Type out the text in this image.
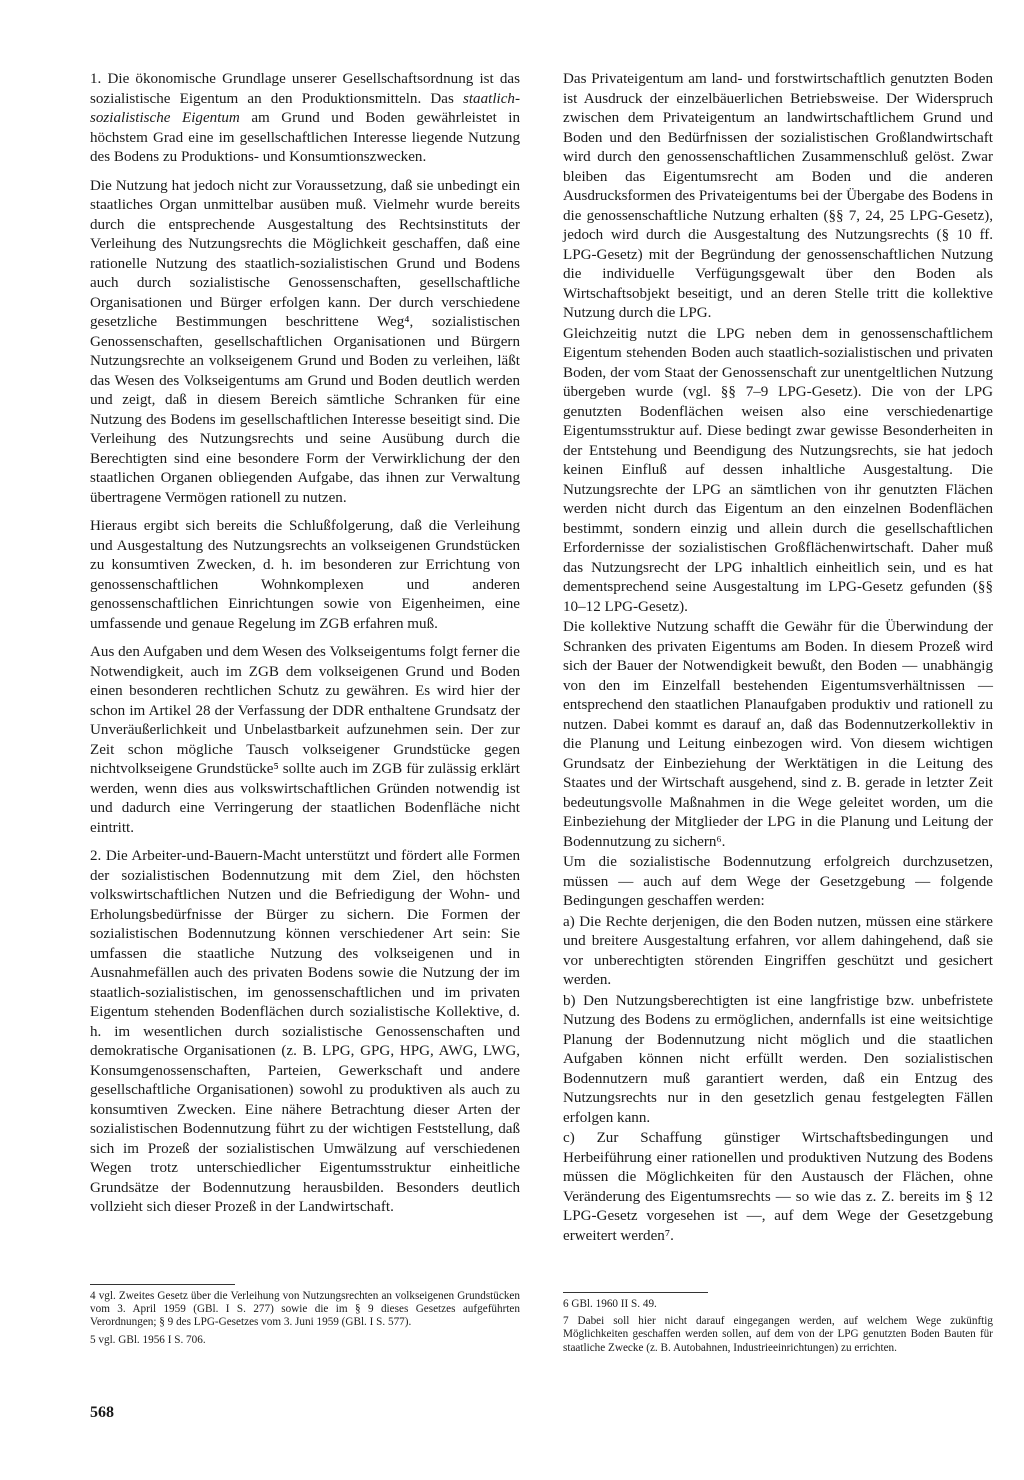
1. Die ökonomische Grundlage unserer Gesellschaftsordnung ist das sozialistische Eigentum an den Produktionsmitteln. Das staatlich-sozialistische Eigentum am Grund und Boden gewährleistet in höchstem Grad eine im gesellschaftlichen Interesse liegende Nutzung des Bodens zu Produktions- und Konsumtionszwecken.

Die Nutzung hat jedoch nicht zur Voraussetzung, daß sie unbedingt ein staatliches Organ unmittelbar ausüben muß. Vielmehr wurde bereits durch die entsprechende Ausgestaltung des Rechtsinstituts der Verleihung des Nutzungsrechts die Möglichkeit geschaffen, daß eine rationelle Nutzung des staatlich-sozialistischen Grund und Bodens auch durch sozialistische Genossenschaften, gesellschaftliche Organisationen und Bürger erfolgen kann. Der durch verschiedene gesetzliche Bestimmungen beschrittene Weg⁴, sozialistischen Genossenschaften, gesellschaftlichen Organisationen und Bürgern Nutzungsrechte an volkseigenem Grund und Boden zu verleihen, läßt das Wesen des Volkseigentums am Grund und Boden deutlich werden und zeigt, daß in diesem Bereich sämtliche Schranken für eine Nutzung des Bodens im gesellschaftlichen Interesse beseitigt sind. Die Verleihung des Nutzungsrechts und seine Ausübung durch die Berechtigten sind eine besondere Form der Verwirklichung der den staatlichen Organen obliegenden Aufgabe, das ihnen zur Verwaltung übertragene Vermögen rationell zu nutzen.

Hieraus ergibt sich bereits die Schlußfolgerung, daß die Verleihung und Ausgestaltung des Nutzungsrechts an volkseigenen Grundstücken zu konsumtiven Zwecken, d. h. im besonderen zur Errichtung von genossenschaftlichen Wohnkomplexen und anderen genossenschaftlichen Einrichtungen sowie von Eigenheimen, eine umfassende und genaue Regelung im ZGB erfahren muß.

Aus den Aufgaben und dem Wesen des Volkseigentums folgt ferner die Notwendigkeit, auch im ZGB dem volkseigenen Grund und Boden einen besonderen rechtlichen Schutz zu gewähren. Es wird hier der schon im Artikel 28 der Verfassung der DDR enthaltene Grundsatz der Unveräußerlichkeit und Unbelastbarkeit aufzunehmen sein. Der zur Zeit schon mögliche Tausch volkseigener Grundstücke gegen nichtvolkseigene Grundstücke⁵ sollte auch im ZGB für zulässig erklärt werden, wenn dies aus volkswirtschaftlichen Gründen notwendig ist und dadurch eine Verringerung der staatlichen Bodenfläche nicht eintritt.

2. Die Arbeiter-und-Bauern-Macht unterstützt und fördert alle Formen der sozialistischen Bodennutzung mit dem Ziel, den höchsten volkswirtschaftlichen Nutzen und die Befriedigung der Wohn- und Erholungsbedürfnisse der Bürger zu sichern. Die Formen der sozialistischen Bodennutzung können verschiedener Art sein: Sie umfassen die staatliche Nutzung des volkseigenen und in Ausnahmefällen auch des privaten Bodens sowie die Nutzung der im staatlich-sozialistischen, im genossenschaftlichen und im privaten Eigentum stehenden Bodenflächen durch sozialistische Kollektive, d. h. im wesentlichen durch sozialistische Genossenschaften und demokratische Organisationen (z. B. LPG, GPG, HPG, AWG, LWG, Konsumgenossenschaften, Parteien, Gewerkschaft und andere gesellschaftliche Organisationen) sowohl zu produktiven als auch zu konsumtiven Zwecken. Eine nähere Betrachtung dieser Arten der sozialistischen Bodennutzung führt zu der wichtigen Feststellung, daß sich im Prozeß der sozialistischen Umwälzung auf verschiedenen Wegen trotz unterschiedlicher Eigentumsstruktur einheitliche Grundsätze der Bodennutzung herausbilden. Besonders deutlich vollzieht sich dieser Prozeß in der Landwirtschaft.

Das Privateigentum am land- und forstwirtschaftlich genutzten Boden ist Ausdruck der einzelbäuerlichen Betriebsweise. Der Widerspruch zwischen dem Privateigentum an landwirtschaftlichem Grund und Boden und den Bedürfnissen der sozialistischen Großlandwirtschaft wird durch den genossenschaftlichen Zusammenschluß gelöst. Zwar bleiben das Eigentumsrecht am Boden und die anderen Ausdrucksformen des Privateigentums bei der Übergabe des Bodens in die genossenschaftliche Nutzung erhalten (§§ 7, 24, 25 LPG-Gesetz), jedoch wird durch die Ausgestaltung des Nutzungsrechts (§ 10 ff. LPG-Gesetz) mit der Begründung der genossenschaftlichen Nutzung die individuelle Verfügungsgewalt über den Boden als Wirtschaftsobjekt beseitigt, und an deren Stelle tritt die kollektive Nutzung durch die LPG.

Gleichzeitig nutzt die LPG neben dem in genossenschaftlichem Eigentum stehenden Boden auch staatlich-sozialistischen und privaten Boden, der vom Staat der Genossenschaft zur unentgeltlichen Nutzung übergeben wurde (vgl. §§ 7–9 LPG-Gesetz). Die von der LPG genutzten Bodenflächen weisen also eine verschiedenartige Eigentumsstruktur auf. Diese bedingt zwar gewisse Besonderheiten in der Entstehung und Beendigung des Nutzungsrechts, sie hat jedoch keinen Einfluß auf dessen inhaltliche Ausgestaltung. Die Nutzungsrechte der LPG an sämtlichen von ihr genutzten Flächen werden nicht durch das Eigentum an den einzelnen Bodenflächen bestimmt, sondern einzig und allein durch die gesellschaftlichen Erfordernisse der sozialistischen Großflächenwirtschaft. Daher muß das Nutzungsrecht der LPG inhaltlich einheitlich sein, und es hat dementsprechend seine Ausgestaltung im LPG-Gesetz gefunden (§§ 10–12 LPG-Gesetz).

Die kollektive Nutzung schafft die Gewähr für die Überwindung der Schranken des privaten Eigentums am Boden. In diesem Prozeß wird sich der Bauer der Notwendigkeit bewußt, den Boden — unabhängig von den im Einzelfall bestehenden Eigentumsverhältnissen — entsprechend den staatlichen Planaufgaben produktiv und rationell zu nutzen. Dabei kommt es darauf an, daß das Bodennutzerkollektiv in die Planung und Leitung einbezogen wird. Von diesem wichtigen Grundsatz der Einbeziehung der Werktätigen in die Leitung des Staates und der Wirtschaft ausgehend, sind z. B. gerade in letzter Zeit bedeutungsvolle Maßnahmen in die Wege geleitet worden, um die Einbeziehung der Mitglieder der LPG in die Planung und Leitung der Bodennutzung zu sichern⁶.

Um die sozialistische Bodennutzung erfolgreich durchzusetzen, müssen — auch auf dem Wege der Gesetzgebung — folgende Bedingungen geschaffen werden:

a) Die Rechte derjenigen, die den Boden nutzen, müssen eine stärkere und breitere Ausgestaltung erfahren, vor allem dahingehend, daß sie vor unberechtigten störenden Eingriffen geschützt und gesichert werden.

b) Den Nutzungsberechtigten ist eine langfristige bzw. unbefristete Nutzung des Bodens zu ermöglichen, andernfalls ist eine weitsichtige Planung der Bodennutzung nicht möglich und die staatlichen Aufgaben können nicht erfüllt werden. Den sozialistischen Bodennutzern muß garantiert werden, daß ein Entzug des Nutzungsrechts nur in den gesetzlich genau festgelegten Fällen erfolgen kann.

c) Zur Schaffung günstiger Wirtschaftsbedingungen und Herbeiführung einer rationellen und produktiven Nutzung des Bodens müssen die Möglichkeiten für den Austausch der Flächen, ohne Veränderung des Eigentumsrechts — so wie das z. Z. bereits im § 12 LPG-Gesetz vorgesehen ist —, auf dem Wege der Gesetzgebung erweitert werden⁷.

4 vgl. Zweites Gesetz über die Verleihung von Nutzungsrechten an volkseigenen Grundstücken vom 3. April 1959 (GBl. I S. 277) sowie die im § 9 dieses Gesetzes aufgeführten Verordnungen; § 9 des LPG-Gesetzes vom 3. Juni 1959 (GBl. I S. 577).

5 vgl. GBl. 1956 I S. 706.

6 GBl. 1960 II S. 49.

7 Dabei soll hier nicht darauf eingegangen werden, auf welchem Wege zukünftig Möglichkeiten geschaffen werden sollen, auf dem von der LPG genutzten Boden Bauten für staatliche Zwecke (z. B. Autobahnen, Industrieeinrichtungen) zu errichten.

568
